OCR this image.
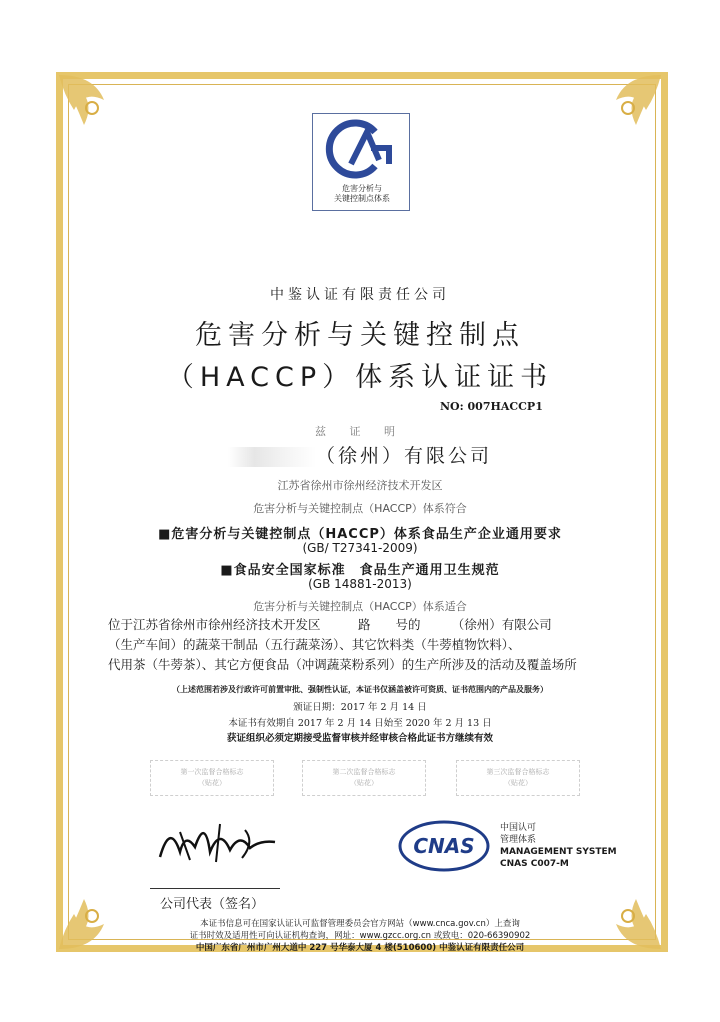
危害分析与
关键控制点体系
中鉴认证有限责任公司
危害分析与关键控制点
（HACCP）体系认证证书
NO: 007HACCP1
兹 证 明
（徐州）有限公司
江苏省徐州市徐州经济技术开发区
危害分析与关键控制点（HACCP）体系符合
■危害分析与关键控制点（HACCP）体系食品生产企业通用要求
(GB/ T27341-2009)
■食品安全国家标准　食品生产通用卫生规范
(GB 14881-2013)
危害分析与关键控制点（HACCP）体系适合
位于江苏省徐州市徐州经济技术开发区　　　路　　号的　　　（徐州）有限公司
（生产车间）的蔬菜干制品（五行蔬菜汤）、其它饮料类（牛蒡植物饮料）、
代用茶（牛蒡茶）、其它方便食品（冲调蔬菜粉系列）的生产所涉及的活动及覆盖场所
（上述范围若涉及行政许可前置审批、强制性认证，本证书仅涵盖被许可资质、证书范围内的产品及服务）
颁证日期：2017 年 2 月 14 日
本证书有效期自 2017 年 2 月 14 日始至 2020 年 2 月 13 日
获证组织必须定期接受监督审核并经审核合格此证书方继续有效
第一次监督合格标志
（贴花）
第二次监督合格标志
（贴花）
第三次监督合格标志
（贴花）
公司代表（签名）
CNAS
中国认可
管理体系
MANAGEMENT SYSTEM
CNAS C007-M
本证书信息可在国家认证认可监督管理委员会官方网站（www.cnca.gov.cn）上查询
证书时效及适用性可向认证机构查询，网址：www.gzcc.org.cn 或致电：020-66390902
中国广东省广州市广州大道中 227 号华泰大厦 4 楼(510600) 中鉴认证有限责任公司
